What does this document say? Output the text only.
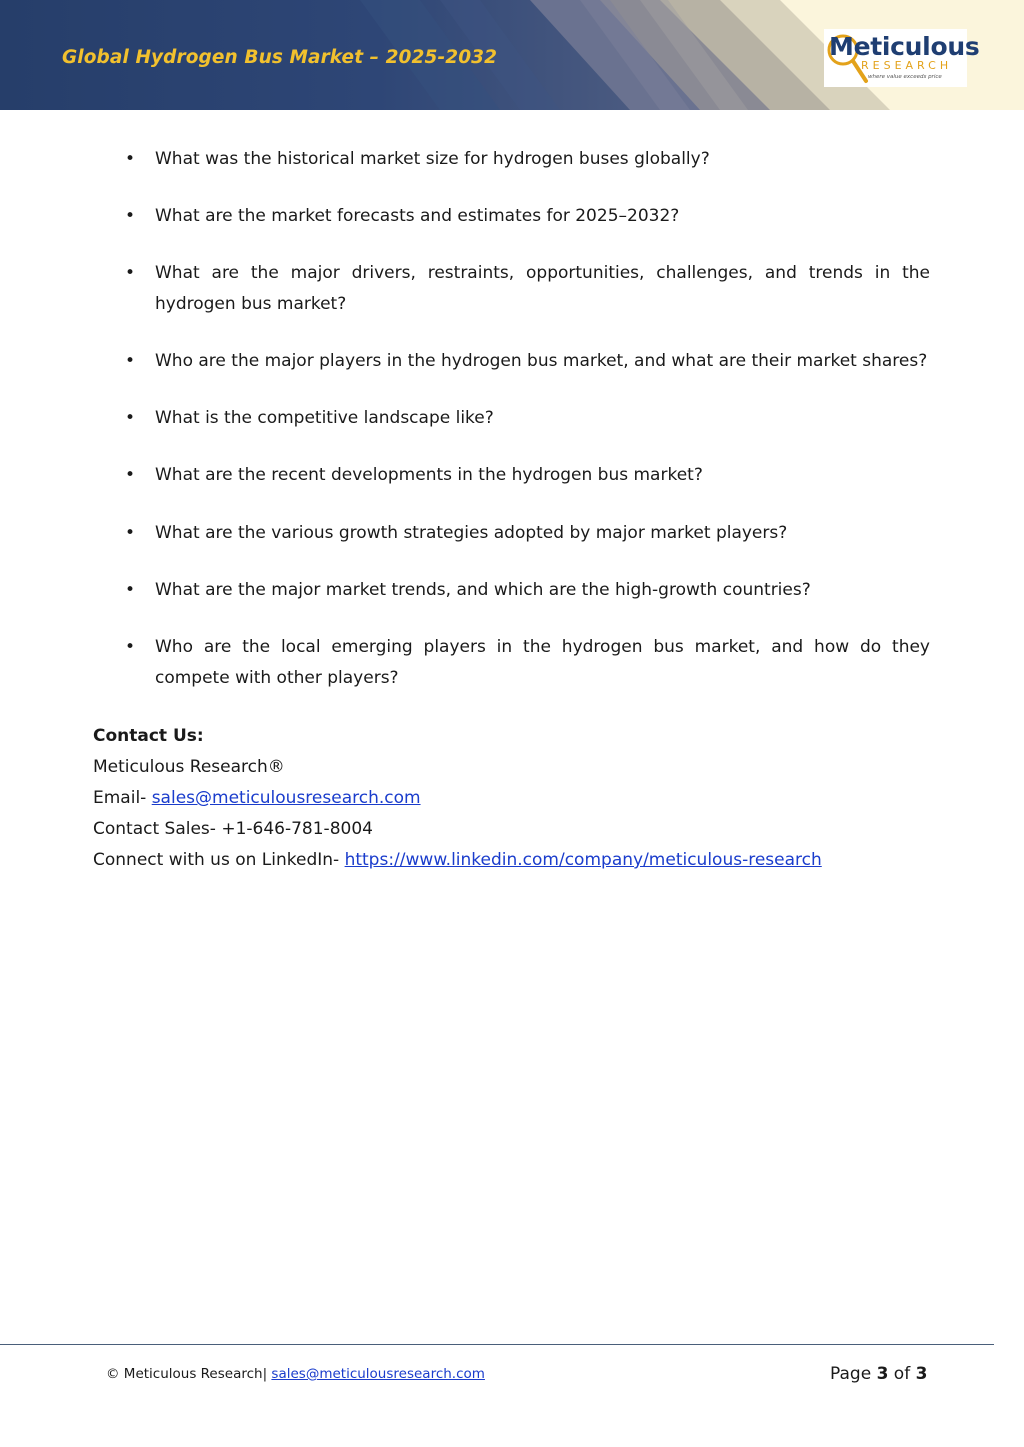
Global Hydrogen Bus Market – 2025-2032	Meticulous
RESEARCH
where value exceeds price
• What was the historical market size for hydrogen buses globally?
• What are the market forecasts and estimates for 2025–2032?
• What are the major drivers, restraints, opportunities, challenges, and trends in the hydrogen bus market?
• Who are the major players in the hydrogen bus market, and what are their market shares?
• What is the competitive landscape like?
• What are the recent developments in the hydrogen bus market?
• What are the various growth strategies adopted by major market players?
• What are the major market trends, and which are the high-growth countries?
• Who are the local emerging players in the hydrogen bus market, and how do they compete with other players?

Contact Us:

Meticulous Research®

Email- sales@meticulousresearch.com

Contact Sales- +1-646-781-8004

Connect with us on LinkedIn- https://www.linkedin.com/company/meticulous-research

© Meticulous Research| sales@meticulousresearch.com	Page 3 of 3
